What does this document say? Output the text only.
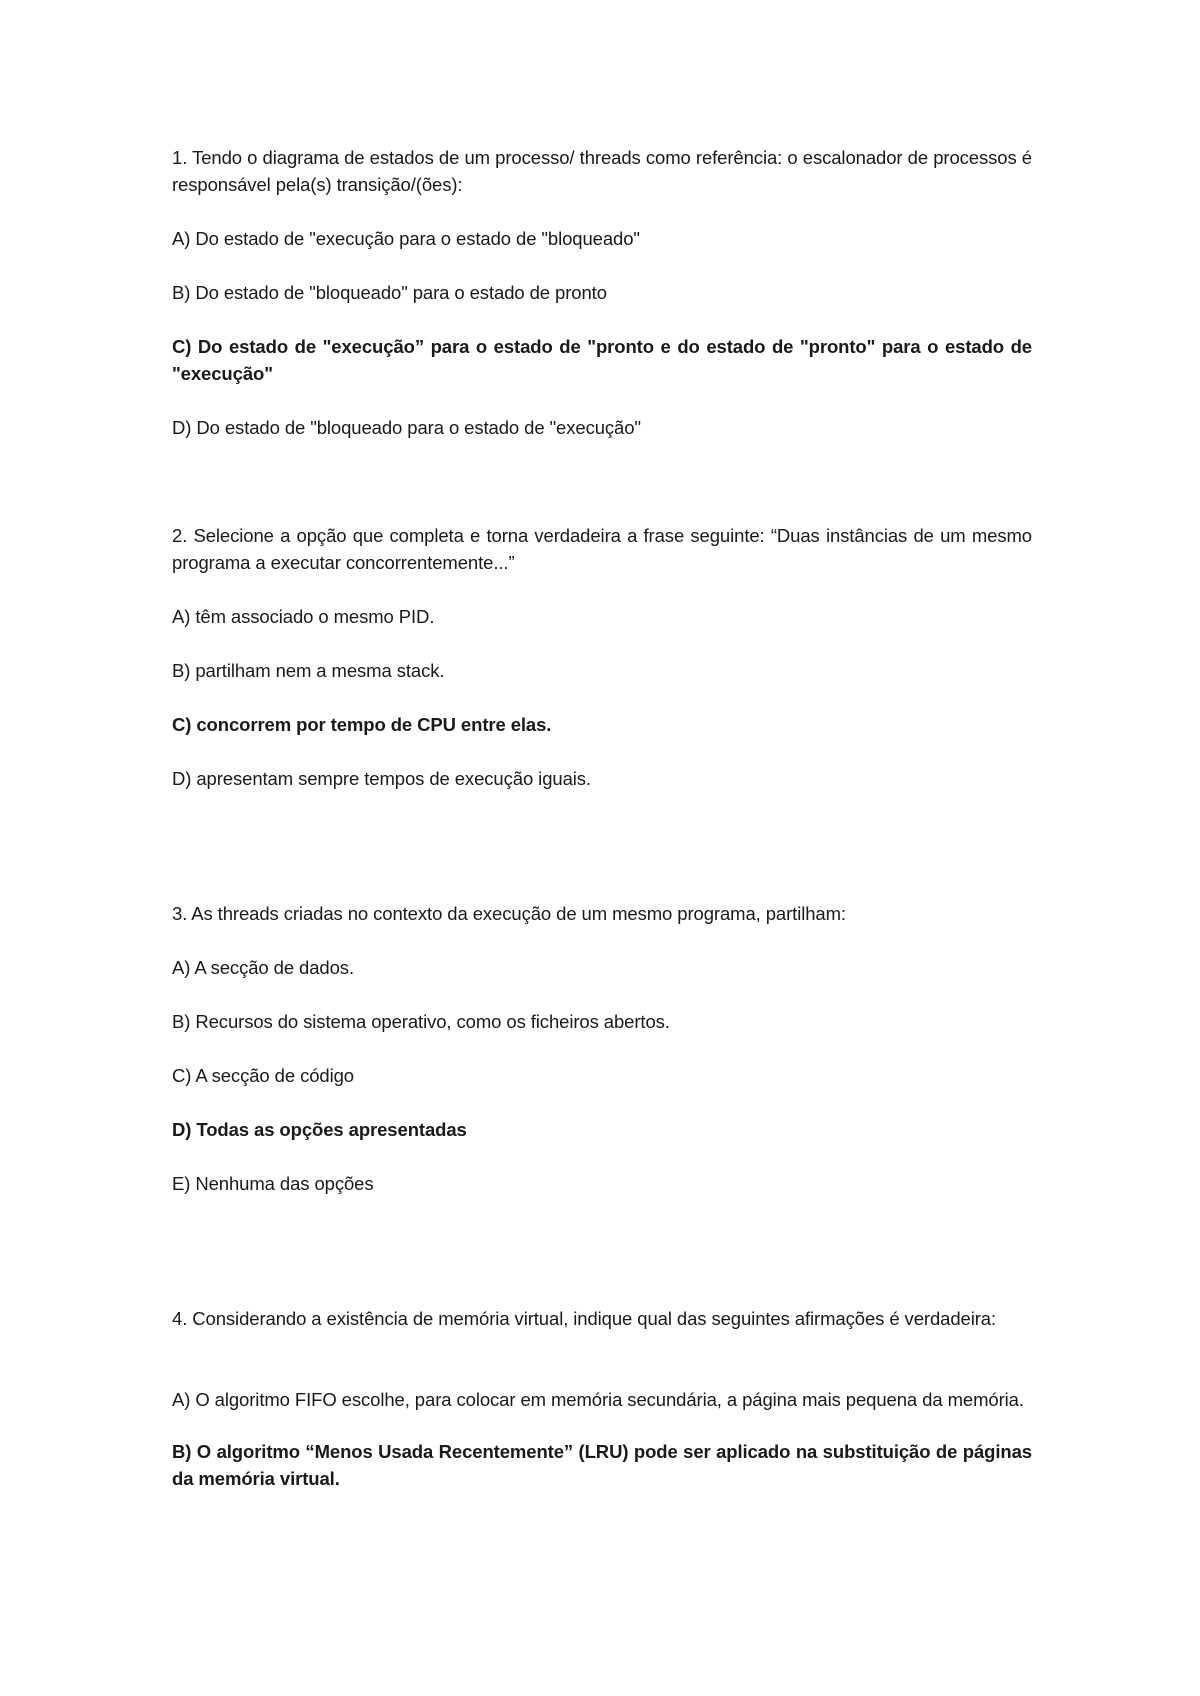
1. Tendo o diagrama de estados de um processo/ threads como referência: o escalonador de processos é responsável pela(s) transição/(ões):

A) Do estado de "execução para o estado de "bloqueado"

B) Do estado de "bloqueado" para o estado de pronto

C) Do estado de "execução” para o estado de "pronto e do estado de "pronto" para o estado de "execução"

D) Do estado de "bloqueado para o estado de "execução"

2. Selecione a opção que completa e torna verdadeira a frase seguinte: “Duas instâncias de um mesmo programa a executar concorrentemente...”

A) têm associado o mesmo PID.

B) partilham nem a mesma stack.

C) concorrem por tempo de CPU entre elas.

D) apresentam sempre tempos de execução iguais.

3. As threads criadas no contexto da execução de um mesmo programa, partilham:

A) A secção de dados.

B) Recursos do sistema operativo, como os ficheiros abertos.

C) A secção de código

D) Todas as opções apresentadas

E) Nenhuma das opções

4. Considerando a existência de memória virtual, indique qual das seguintes afirmações é verdadeira:

A) O algoritmo FIFO escolhe, para colocar em memória secundária, a página mais pequena da memória.

B) O algoritmo “Menos Usada Recentemente” (LRU) pode ser aplicado na substituição de páginas da memória virtual.
